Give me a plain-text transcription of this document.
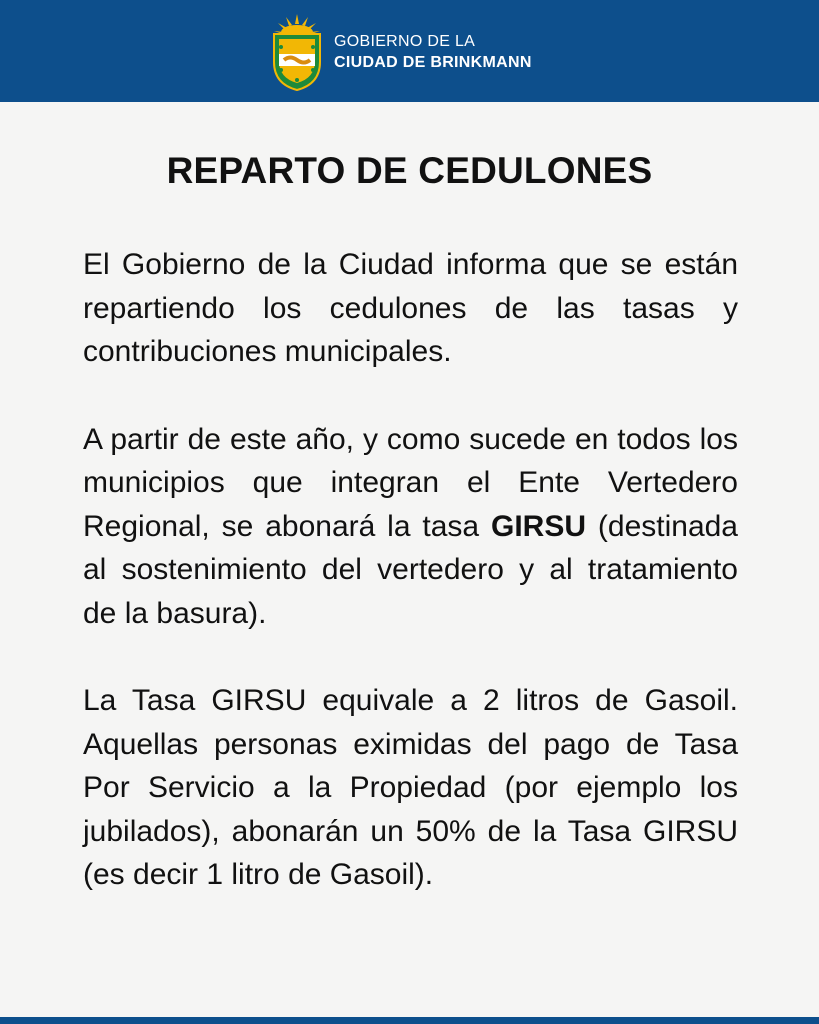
GOBIERNO DE LA
CIUDAD DE BRINKMANN
REPARTO DE CEDULONES

El Gobierno de la Ciudad informa que se están repartiendo los cedulones de las tasas y contribuciones municipales.

A partir de este año, y como sucede en todos los municipios que integran el Ente Vertedero Regional, se abonará la tasa GIRSU (destinada al sostenimiento del vertedero y al tratamiento de la basura).

La Tasa GIRSU equivale a 2 litros de Gasoil. Aquellas personas eximidas del pago de Tasa Por Servicio a la Propiedad (por ejemplo los jubilados), abonarán un 50% de la Tasa GIRSU (es decir 1 litro de Gasoil).
